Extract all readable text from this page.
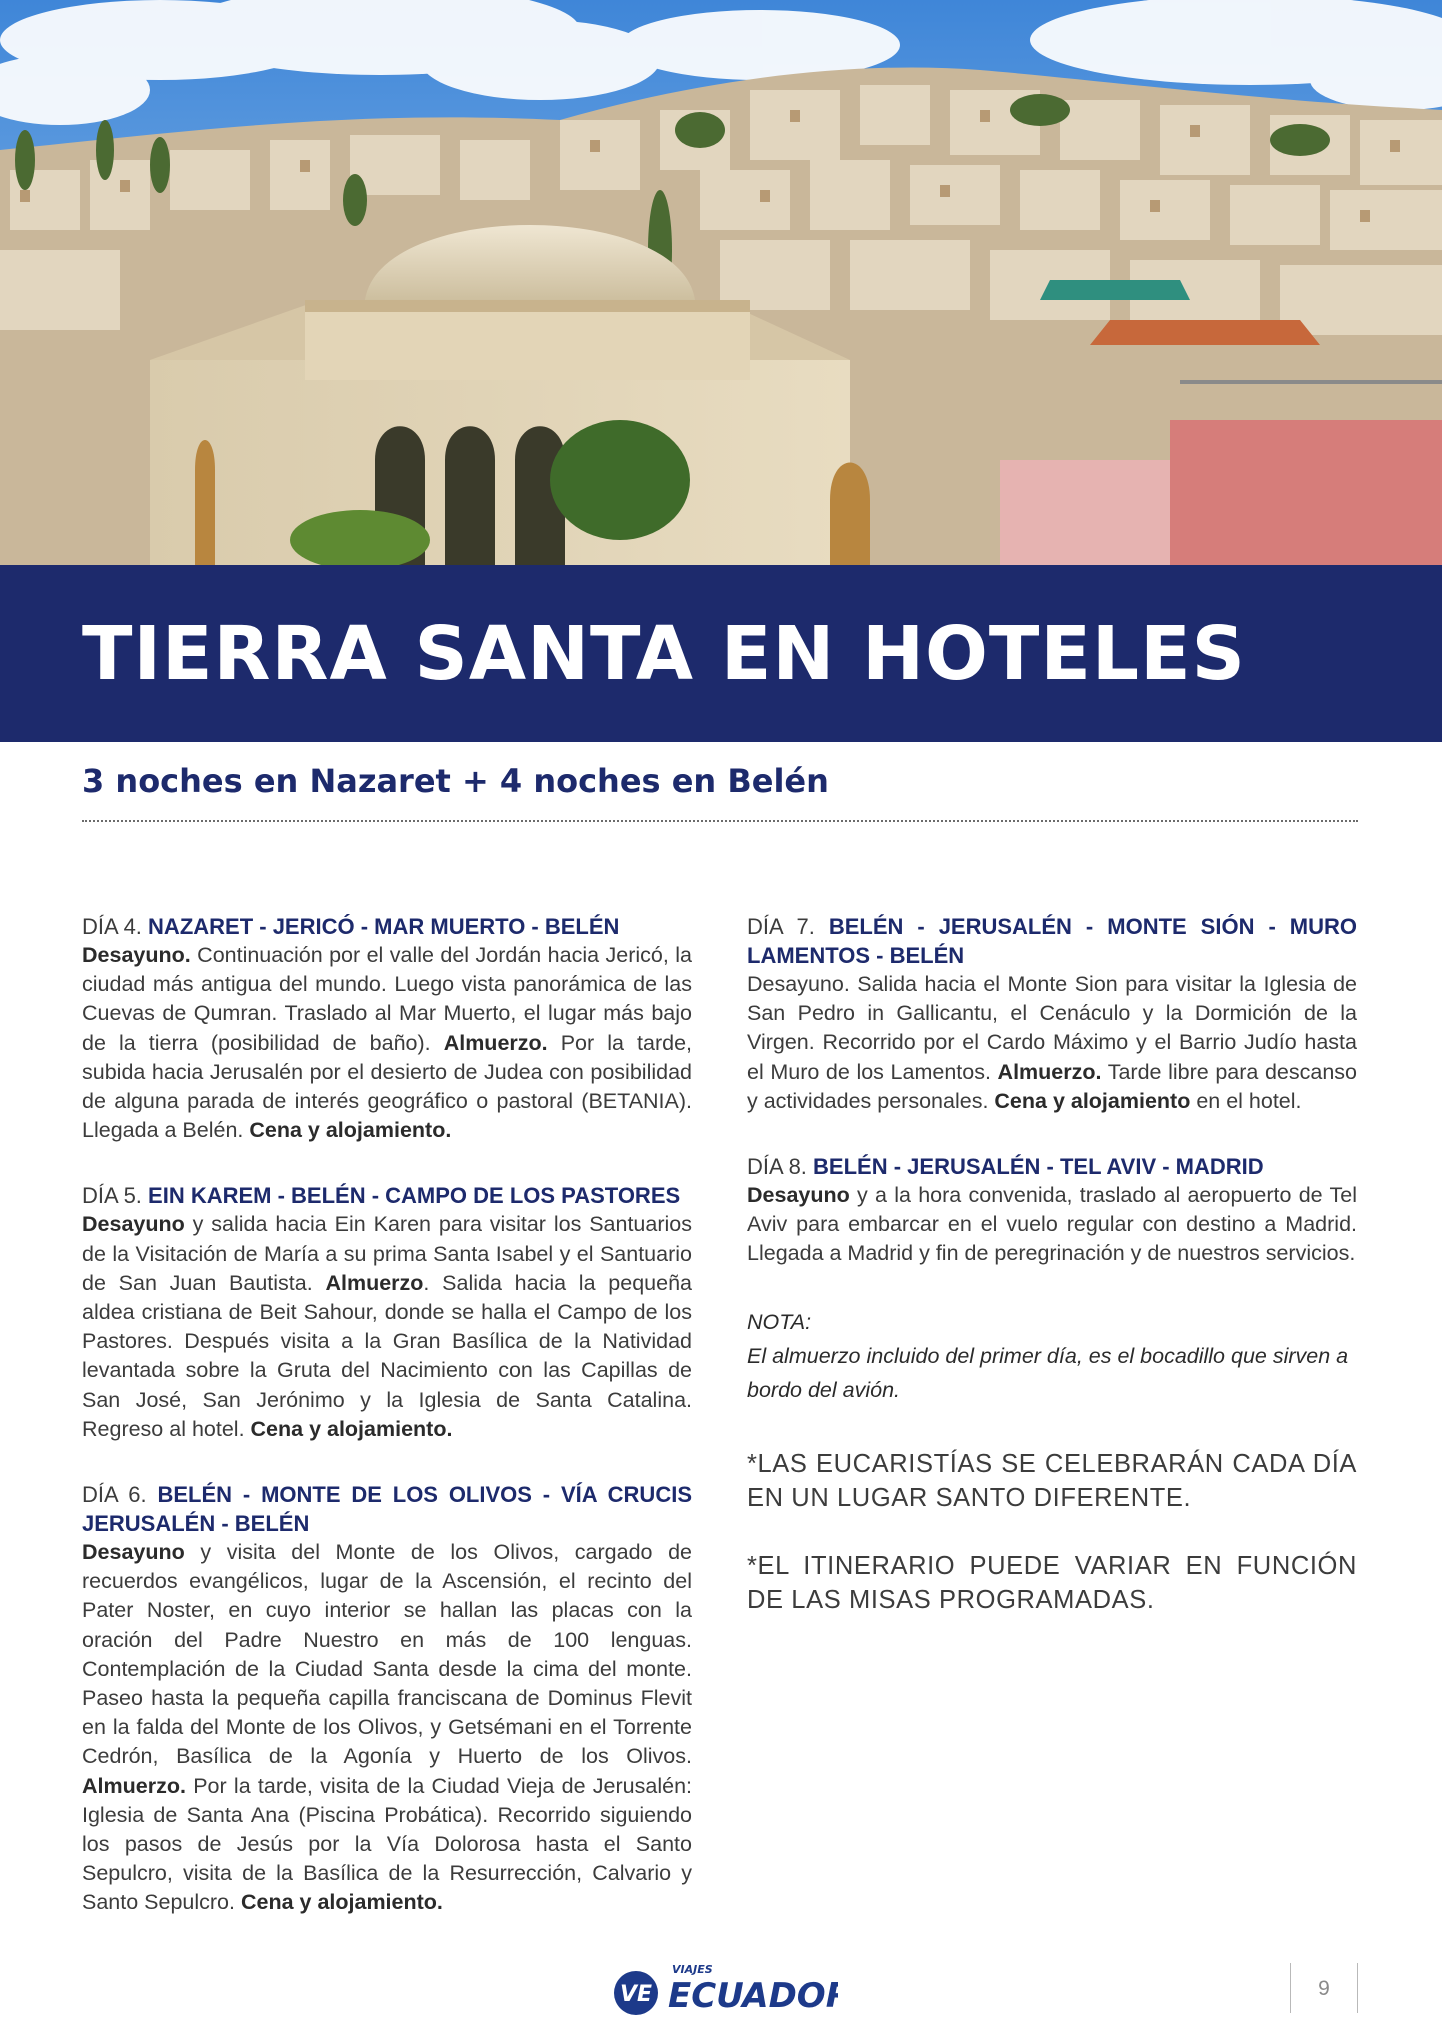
TIERRA SANTA EN HOTELES
3 noches en Nazaret + 4 noches en Belén

DÍA 4. NAZARET - JERICÓ - MAR MUERTO - BELÉN

Desayuno. Continuación por el valle del Jordán hacia Jericó, la ciudad más antigua del mundo. Luego vista panorámica de las Cuevas de Qumran. Traslado al Mar Muerto, el lugar más bajo de la tierra (posibilidad de baño). Almuerzo. Por la tarde, subida hacia Jerusalén por el desierto de Judea con posibilidad de alguna parada de interés geográfico o pastoral (BETANIA). Llegada a Belén. Cena y alojamiento.

DÍA 5. EIN KAREM - BELÉN - CAMPO DE LOS PASTORES

Desayuno y salida hacia Ein Karen para visitar los Santuarios de la Visitación de María a su prima Santa Isabel y el Santuario de San Juan Bautista. Almuerzo. Salida hacia la pequeña aldea cristiana de Beit Sahour, donde se halla el Campo de los Pastores. Después visita a la Gran Basílica de la Natividad levantada sobre la Gruta del Nacimiento con las Capillas de San José, San Jerónimo y la Iglesia de Santa Catalina. Regreso al hotel. Cena y alojamiento.

DÍA 6. BELÉN - MONTE DE LOS OLIVOS - VÍA CRUCIS JERUSALÉN - BELÉN

Desayuno y visita del Monte de los Olivos, cargado de recuerdos evangélicos, lugar de la Ascensión, el recinto del Pater Noster, en cuyo interior se hallan las placas con la oración del Padre Nuestro en más de 100 lenguas. Contemplación de la Ciudad Santa desde la cima del monte. Paseo hasta la pequeña capilla franciscana de Dominus Flevit en la falda del Monte de los Olivos, y Getsémani en el Torrente Cedrón, Basílica de la Agonía y Huerto de los Olivos. Almuerzo. Por la tarde, visita de la Ciudad Vieja de Jerusalén: Iglesia de Santa Ana (Piscina Probática). Recorrido siguiendo los pasos de Jesús por la Vía Dolorosa hasta el Santo Sepulcro, visita de la Basílica de la Resurrección, Calvario y Santo Sepulcro. Cena y alojamiento.

DÍA 7. BELÉN - JERUSALÉN - MONTE SIÓN - MURO LAMENTOS - BELÉN

Desayuno. Salida hacia el Monte Sion para visitar la Iglesia de San Pedro in Gallicantu, el Cenáculo y la Dormición de la Virgen. Recorrido por el Cardo Máximo y el Barrio Judío hasta el Muro de los Lamentos. Almuerzo. Tarde libre para descanso y actividades personales. Cena y alojamiento en el hotel.

DÍA 8. BELÉN - JERUSALÉN - TEL AVIV - MADRID

Desayuno y a la hora convenida, traslado al aeropuerto de Tel Aviv para embarcar en el vuelo regular con destino a Madrid. Llegada a Madrid y fin de peregrinación y de nuestros servicios.

NOTA:

El almuerzo incluido del primer día, es el bocadillo que sirven a bordo del avión.

*LAS EUCARISTÍAS SE CELEBRARÁN CADA DÍA EN UN LUGAR SANTO DIFERENTE.

*EL ITINERARIO PUEDE VARIAR EN FUNCIÓN DE LAS MISAS PROGRAMADAS.

VE
VIAJES
ECUADOR	9
